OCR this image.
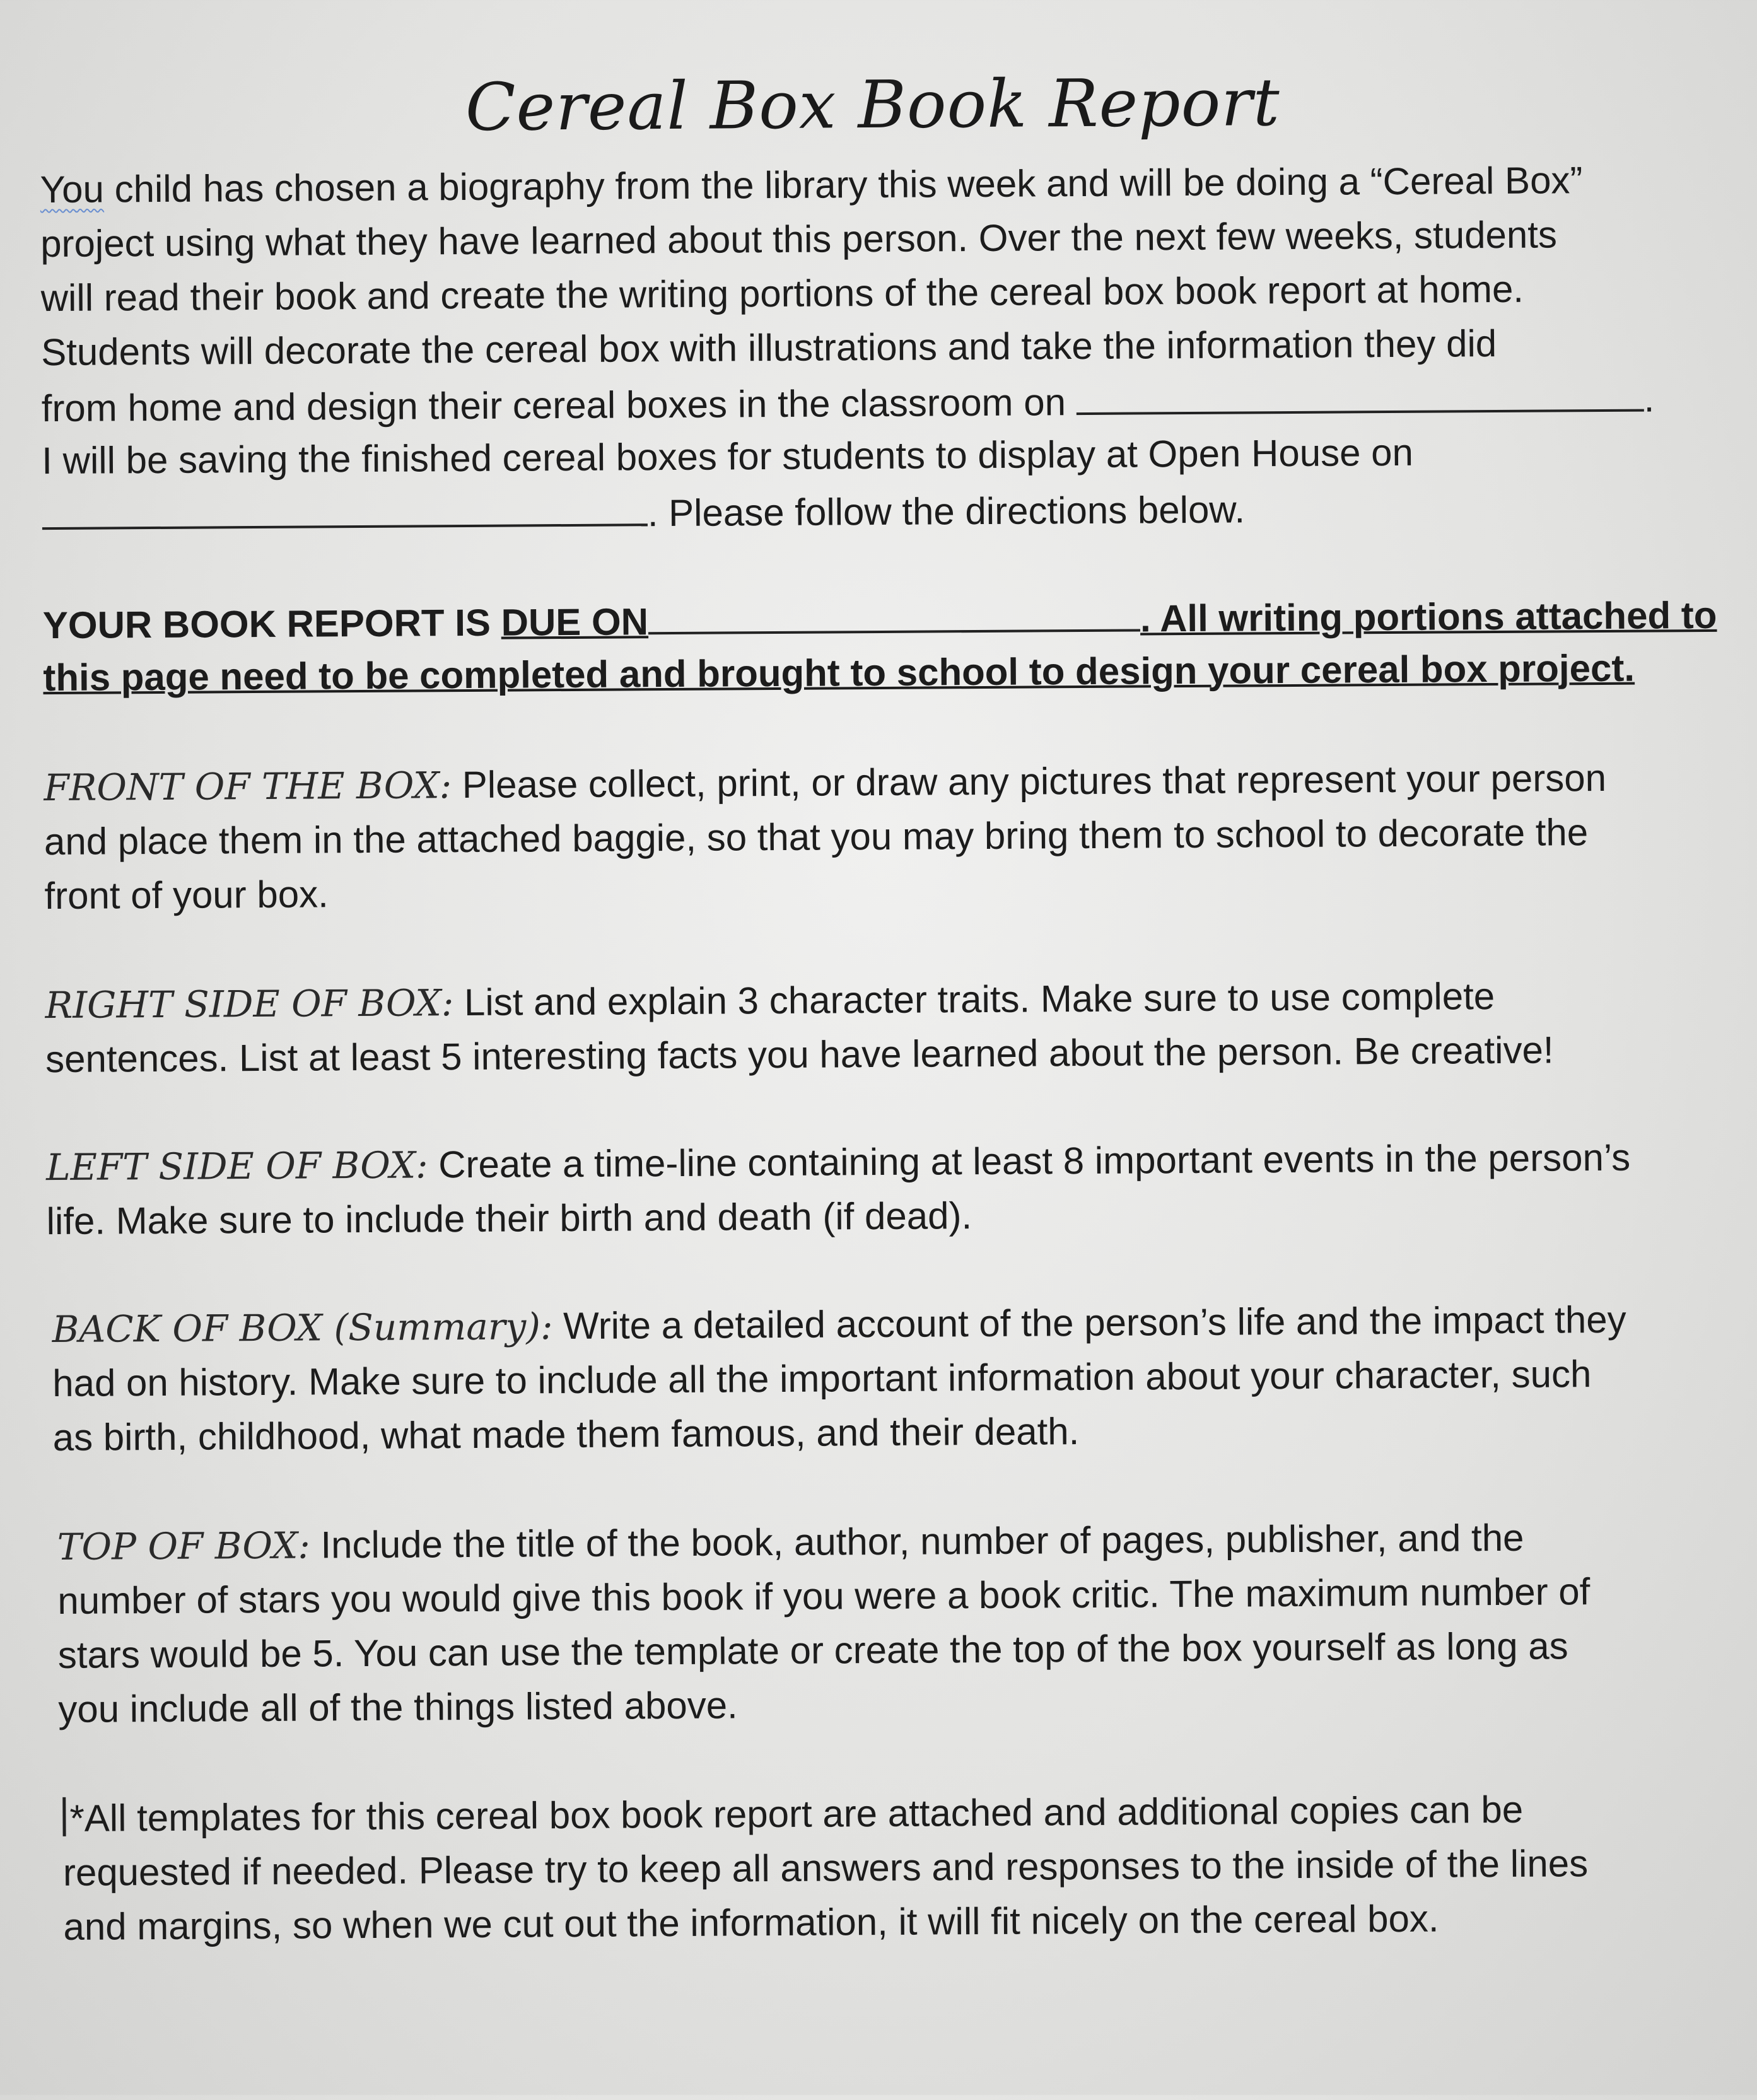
Cereal Box Book Report
You child has chosen a biography from the library this week and will be doing a “Cereal Box”
project using what they have learned about this person. Over the next few weeks, students
will read their book and create the writing portions of the cereal box book report at home.
Students will decorate the cereal box with illustrations and take the information they did
from home and design their cereal boxes in the classroom on	.
I will be saving the finished cereal boxes for students to display at Open House on
. Please follow the directions below.
YOUR BOOK REPORT IS DUE ON	. All writing portions attached to
this page need to be completed and brought to school to design your cereal box project.
FRONT OF THE BOX: Please collect, print, or draw any pictures that represent your person
and place them in the attached baggie, so that you may bring them to school to decorate the
front of your box.
RIGHT SIDE OF BOX: List and explain 3 character traits. Make sure to use complete
sentences. List at least 5 interesting facts you have learned about the person. Be creative!
LEFT SIDE OF BOX: Create a time-line containing at least 8 important events in the person’s
life. Make sure to include their birth and death (if dead).
BACK OF BOX (Summary): Write a detailed account of the person’s life and the impact they
had on history. Make sure to include all the important information about your character, such
as birth, childhood, what made them famous, and their death.
TOP OF BOX: Include the title of the book, author, number of pages, publisher, and the
number of stars you would give this book if you were a book critic. The maximum number of
stars would be 5. You can use the template or create the top of the box yourself as long as
you include all of the things listed above.
*All templates for this cereal box book report are attached and additional copies can be
requested if needed. Please try to keep all answers and responses to the inside of the lines
and margins, so when we cut out the information, it will fit nicely on the cereal box.
